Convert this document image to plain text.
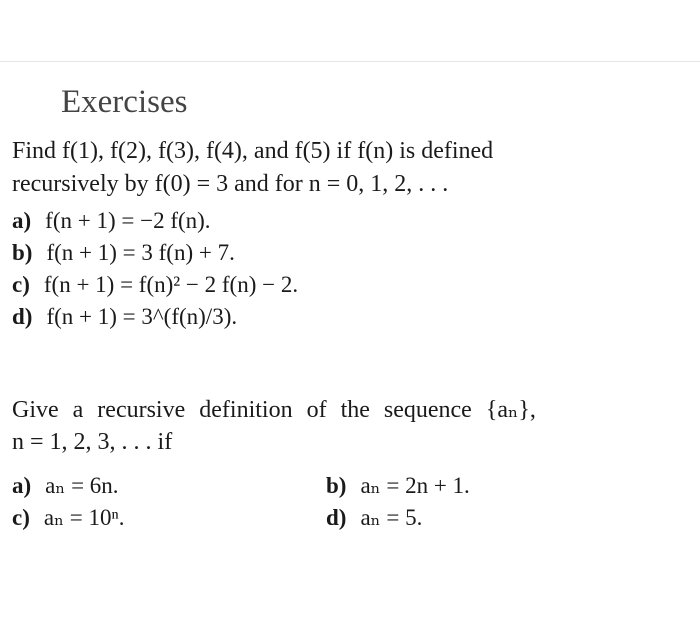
Exercises
Find f(1), f(2), f(3), f(4), and f(5) if f(n) is defined
recursively by f(0) = 3 and for n = 0, 1, 2, . . .
a) f(n + 1) = −2 f(n).
b) f(n + 1) = 3 f(n) + 7.
c) f(n + 1) = f(n)² − 2 f(n) − 2.
d) f(n + 1) = 3^(f(n)/3).
Give a recursive definition of the sequence {aₙ},
n = 1, 2, 3, . . . if
a) aₙ = 6n.	b) aₙ = 2n + 1.
c) aₙ = 10ⁿ.	d) aₙ = 5.
